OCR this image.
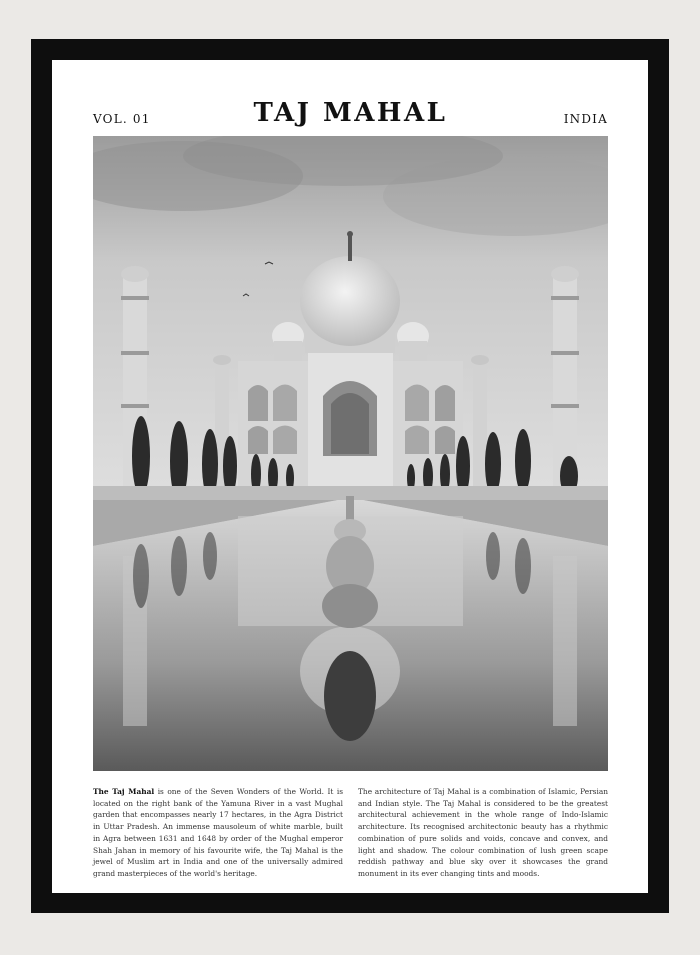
VOL. 01	TAJ MAHAL	INDIA
The Taj Mahal is one of the Seven Wonders of the World. It is located on the right bank of the Yamuna River in a vast Mughal garden that encompasses nearly 17 hectares, in the Agra District in Uttar Pradesh. An immense mausoleum of white marble, built in Agra between 1631 and 1648 by order of the Mughal emperor Shah Jahan in memory of his favourite wife, the Taj Mahal is the jewel of Muslim art in India and one of the universally admired grand masterpieces of the world's heritage.
The architecture of Taj Mahal is a combination of Islamic, Persian and Indian style. The Taj Mahal is considered to be the greatest architectural achievement in the whole range of Indo-Islamic architecture. Its recognised architectonic beauty has a rhythmic combination of pure solids and voids, concave and convex, and light and shadow. The colour combination of lush green scape reddish pathway and blue sky over it showcases the grand monument in its ever changing tints and moods.
